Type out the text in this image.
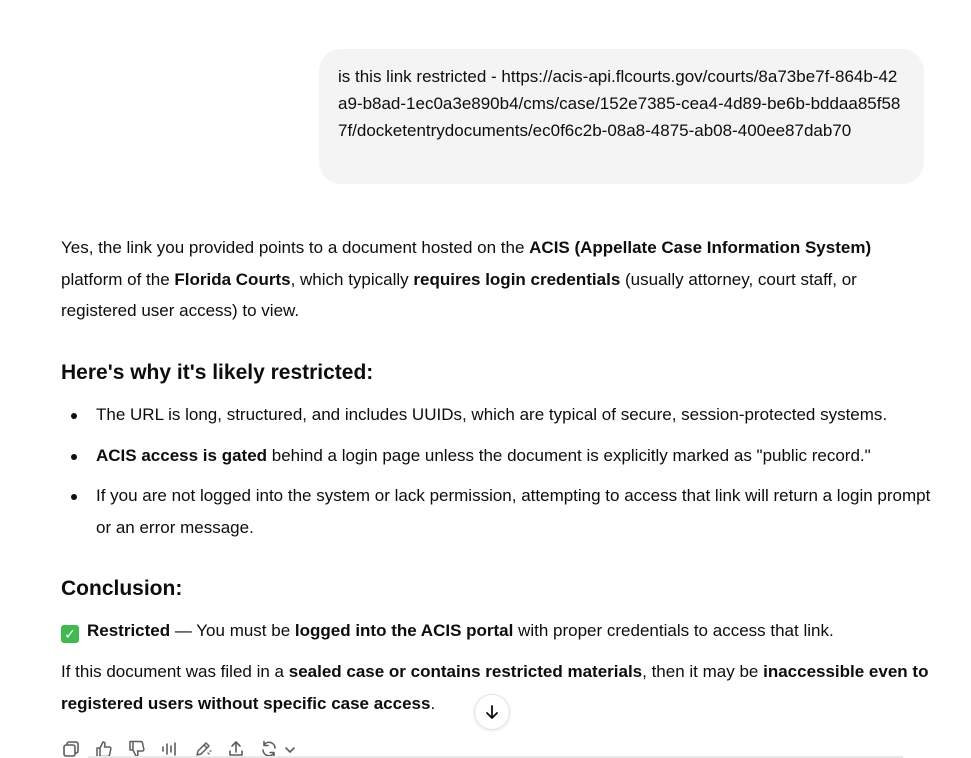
is this link restricted - https://acis-api.flcourts.gov/courts/8a73be7f-864b-42a9-b8ad-1ec0a3e890b4/cms/case/152e7385-cea4-4d89-be6b-bddaa85f587f/docketentrydocuments/ec0f6c2b-08a8-4875-ab08-400ee87dab70

Yes, the link you provided points to a document hosted on the ACIS (Appellate Case Information System) platform of the Florida Courts, which typically requires login credentials (usually attorney, court staff, or registered user access) to view.

Here's why it's likely restricted:
The URL is long, structured, and includes UUIDs, which are typical of secure, session-protected systems.
ACIS access is gated behind a login page unless the document is explicitly marked as "public record."
If you are not logged into the system or lack permission, attempting to access that link will return a login prompt or an error message.
Conclusion:

✓ Restricted — You must be logged into the ACIS portal with proper credentials to access that link.

If this document was filed in a sealed case or contains restricted materials, then it may be inaccessible even to registered users without specific case access.
